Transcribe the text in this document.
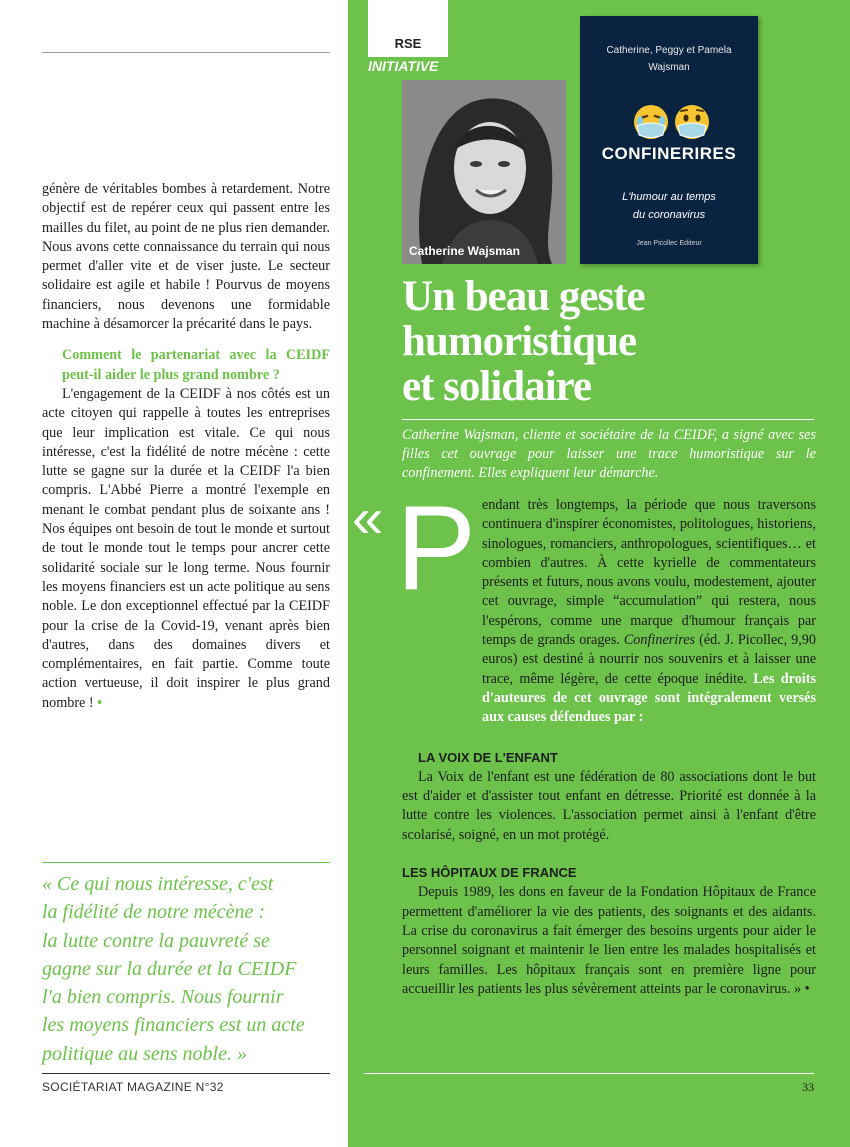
génère de véritables bombes à retardement. Notre objectif est de repérer ceux qui passent entre les mailles du filet, au point de ne plus rien demander. Nous avons cette connaissance du terrain qui nous permet d'aller vite et de viser juste. Le secteur solidaire est agile et habile ! Pourvus de moyens financiers, nous devenons une formidable machine à désamorcer la précarité dans le pays.

Comment le partenariat avec la CEIDF peut-il aider le plus grand nombre ?

L'engagement de la CEIDF à nos côtés est un acte citoyen qui rappelle à toutes les entreprises que leur implication est vitale. Ce qui nous intéresse, c'est la fidélité de notre mécène : cette lutte se gagne sur la durée et la CEIDF l'a bien compris. L'Abbé Pierre a montré l'exemple en menant le combat pendant plus de soixante ans ! Nos équipes ont besoin de tout le monde et surtout de tout le monde tout le temps pour ancrer cette solidarité sociale sur le long terme. Nous fournir les moyens financiers est un acte politique au sens noble. Le don exceptionnel effectué par la CEIDF pour la crise de la Covid-19, venant après bien d'autres, dans des domaines divers et complémentaires, en fait partie. Comme toute action vertueuse, il doit inspirer le plus grand nombre ! •

« Ce qui nous intéresse, c'est
la fidélité de notre mécène :
la lutte contre la pauvreté se
gagne sur la durée et la CEIDF
l'a bien compris. Nous fournir
les moyens financiers est un acte
politique au sens noble. »
SOCIÉTARIAT MAGAZINE N°32
RSE
INITIATIVE
Catherine Wajsman
Catherine, Peggy et Pamela
Wajsman
CONFINERIRES
L'humour au temps
du coronavirus
Jean Picollec Editeur
Un beau geste
humoristique
et solidaire
Catherine Wajsman, cliente et sociétaire de la CEIDF, a signé avec ses filles cet ouvrage pour laisser une trace humoristique sur le confinement. Elles expliquent leur démarche.
« P endant très longtemps, la période que nous traversons continuera d'inspirer économistes, politologues, historiens, sinologues, romanciers, anthropologues, scientifiques… et combien d'autres. À cette kyrielle de commentateurs présents et futurs, nous avons voulu, modestement, ajouter cet ouvrage, simple “accumulation” qui restera, nous l'espérons, comme une marque d'humour français par temps de grands orages. Confinerires (éd. J. Picollec, 9,90 euros) est destiné à nourrir nos souvenirs et à laisser une trace, même légère, de cette époque inédite. Les droits d'auteures de cet ouvrage sont intégralement versés aux causes défendues par :

LA VOIX DE L'ENFANT

La Voix de l'enfant est une fédération de 80 associations dont le but est d'aider et d'assister tout enfant en détresse. Priorité est donnée à la lutte contre les violences. L'association permet ainsi à l'enfant d'être scolarisé, soigné, en un mot protégé.

LES HÔPITAUX DE FRANCE

Depuis 1989, les dons en faveur de la Fondation Hôpitaux de France permettent d'améliorer la vie des patients, des soignants et des aidants. La crise du coronavirus a fait émerger des besoins urgents pour aider le personnel soignant et maintenir le lien entre les malades hospitalisés et leurs familles. Les hôpitaux français sont en première ligne pour accueillir les patients les plus sévèrement atteints par le coronavirus. » •

33
